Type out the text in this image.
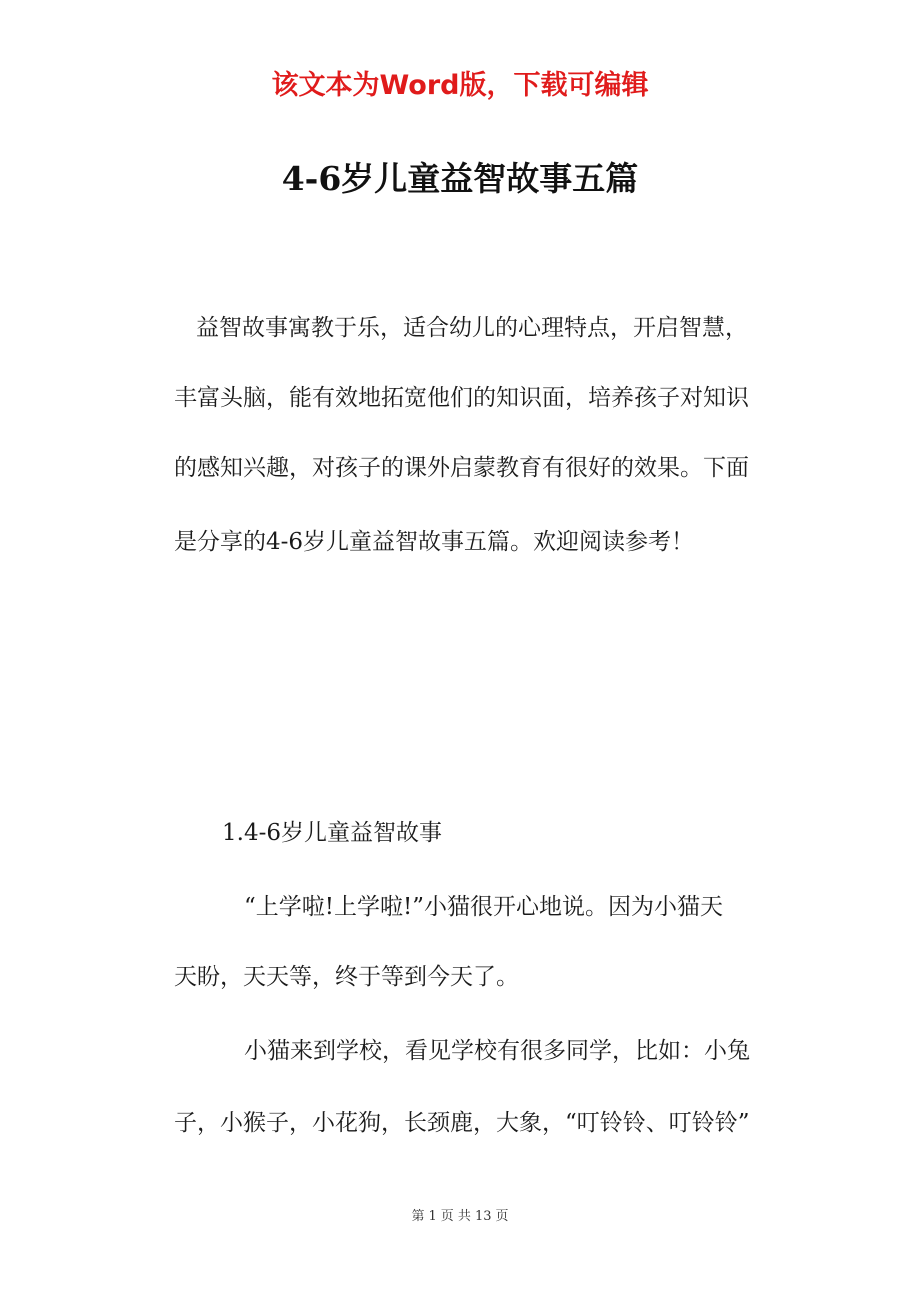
该文本为Word版，下载可编辑
4-6岁儿童益智故事五篇
益智故事寓教于乐，适合幼儿的心理特点，开启智慧，
丰富头脑，能有效地拓宽他们的知识面，培养孩子对知识
的感知兴趣，对孩子的课外启蒙教育有很好的效果。下面
是分享的4-6岁儿童益智故事五篇。欢迎阅读参考！
1.4-6岁儿童益智故事
“上学啦!上学啦!”小猫很开心地说。因为小猫天
天盼，天天等，终于等到今天了。
小猫来到学校，看见学校有很多同学，比如：小兔
子，小猴子，小花狗，长颈鹿，大象，“叮铃铃、叮铃铃”
第 1 页 共 13 页
